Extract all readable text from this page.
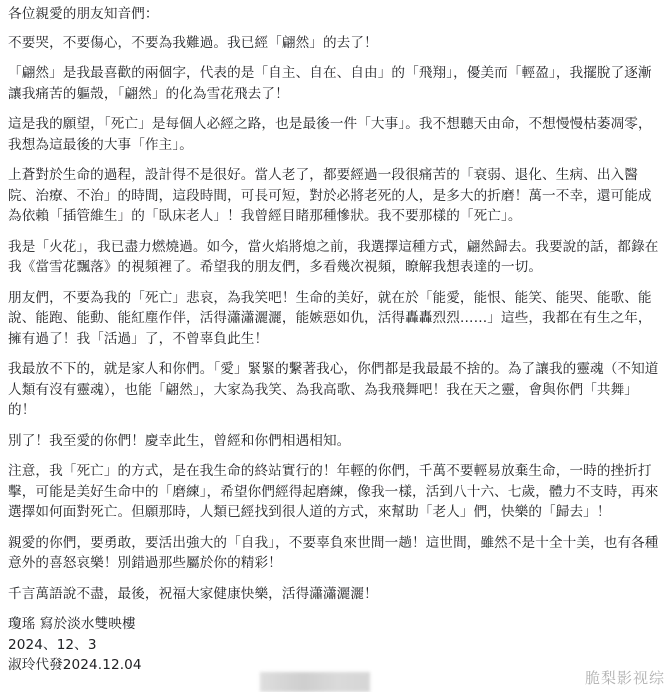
各位親愛的朋友知音們：

不要哭，不要傷心，不要為我難過。我已經「翩然」的去了！

「翩然」是我最喜歡的兩個字，代表的是「自主、自在、自由」的「飛翔」，優美而「輕盈」，我擺脫了逐漸讓我痛苦的軀殼，「翩然」的化為雪花飛去了！

這是我的願望，「死亡」是每個人必經之路，也是最後一件「大事」。我不想聽天由命，不想慢慢枯萎凋零，我想為這最後的大事「作主」。

上蒼對於生命的過程，設計得不是很好。當人老了，都要經過一段很痛苦的「衰弱、退化、生病、出入醫院、治療、不治」的時間，這段時間，可長可短，對於必將老死的人，是多大的折磨！萬一不幸，還可能成為依賴「插管維生」的「臥床老人」！我曾經目睹那種慘狀。我不要那樣的「死亡」。

我是「火花」，我已盡力燃燒過。如今，當火焰將熄之前，我選擇這種方式，翩然歸去。我要說的話，都錄在我《當雪花飄落》的視頻裡了。希望我的朋友們，多看幾次視頻，瞭解我想表達的一切。

朋友們，不要為我的「死亡」悲哀，為我笑吧！生命的美好，就在於「能愛，能恨、能笑、能哭、能歌、能說、能跑、能動、能紅塵作伴，活得瀟瀟灑灑，能嫉惡如仇，活得轟轟烈烈……」這些，我都在有生之年，擁有過了！我「活過」了，不曾辜負此生！

我最放不下的，就是家人和你們。「愛」緊緊的繫著我心，你們都是我最最不捨的。為了讓我的靈魂（不知道人類有沒有靈魂），也能「翩然」，大家為我笑、為我高歌、為我飛舞吧！我在天之靈，會與你們「共舞」的！

別了！我至愛的你們！慶幸此生，曾經和你們相遇相知。

注意，我「死亡」的方式，是在我生命的終站實行的！年輕的你們，千萬不要輕易放棄生命，一時的挫折打擊，可能是美好生命中的「磨練」，希望你們經得起磨練，像我一樣，活到八十六、七歲，體力不支時，再來選擇如何面對死亡。但願那時，人類已經找到很人道的方式，來幫助「老人」們，快樂的「歸去」！

親愛的你們，要勇敢，要活出強大的「自我」，不要辜負來世間一趟！這世間，雖然不是十全十美，也有各種意外的喜怒哀樂！別錯過那些屬於你的精彩！

千言萬語說不盡，最後，祝福大家健康快樂，活得瀟瀟灑灑！

瓊瑤 寫於淡水雙映樓
2024、12、3
淑玲代發2024.12.04
脆梨影视综
